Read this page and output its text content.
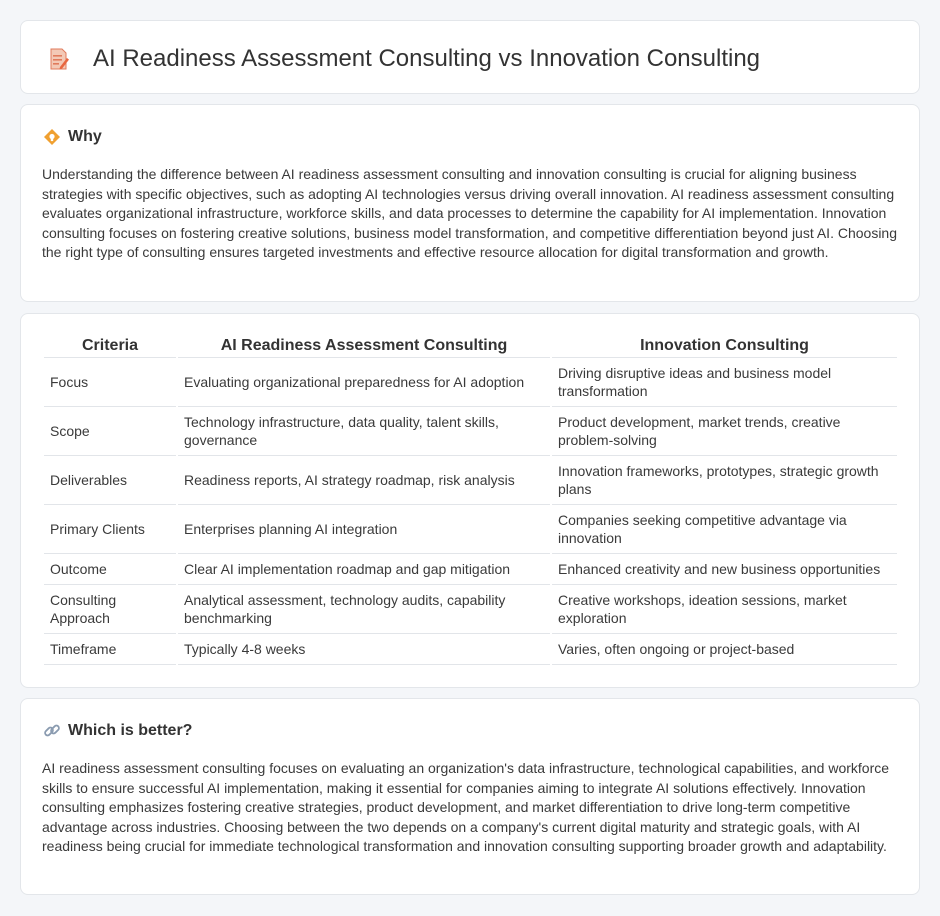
AI Readiness Assessment Consulting vs Innovation Consulting
Why

Understanding the difference between AI readiness assessment consulting and innovation consulting is crucial for aligning business strategies with specific objectives, such as adopting AI technologies versus driving overall innovation. AI readiness assessment consulting evaluates organizational infrastructure, workforce skills, and data processes to determine the capability for AI implementation. Innovation consulting focuses on fostering creative solutions, business model transformation, and competitive differentiation beyond just AI. Choosing the right type of consulting ensures targeted investments and effective resource allocation for digital transformation and growth.

Criteria	AI Readiness Assessment Consulting	Innovation Consulting
Focus	Evaluating organizational preparedness for AI adoption	Driving disruptive ideas and business model transformation
Scope	Technology infrastructure, data quality, talent skills, governance	Product development, market trends, creative problem-solving
Deliverables	Readiness reports, AI strategy roadmap, risk analysis	Innovation frameworks, prototypes, strategic growth plans
Primary Clients	Enterprises planning AI integration	Companies seeking competitive advantage via innovation
Outcome	Clear AI implementation roadmap and gap mitigation	Enhanced creativity and new business opportunities
Consulting Approach	Analytical assessment, technology audits, capability benchmarking	Creative workshops, ideation sessions, market exploration
Timeframe	Typically 4-8 weeks	Varies, often ongoing or project-based
Which is better?

AI readiness assessment consulting focuses on evaluating an organization's data infrastructure, technological capabilities, and workforce skills to ensure successful AI implementation, making it essential for companies aiming to integrate AI solutions effectively. Innovation consulting emphasizes fostering creative strategies, product development, and market differentiation to drive long-term competitive advantage across industries. Choosing between the two depends on a company's current digital maturity and strategic goals, with AI readiness being crucial for immediate technological transformation and innovation consulting supporting broader growth and adaptability.
